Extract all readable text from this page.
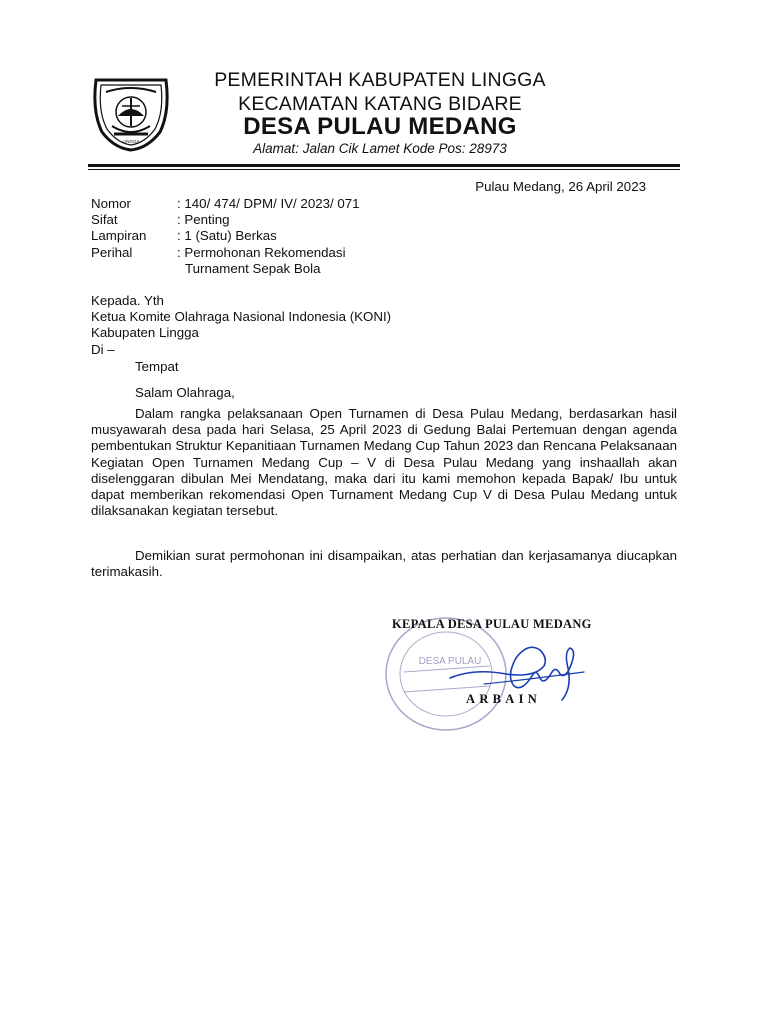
LINGGA
PEMERINTAH KABUPATEN LINGGA
KECAMATAN KATANG BIDARE
DESA PULAU MEDANG
Alamat: Jalan Cik Lamet Kode Pos: 28973
Pulau Medang, 26 April 2023
Nomor	: 140/ 474/ DPM/ IV/ 2023/ 071
Sifat	: Penting
Lampiran	: 1 (Satu) Berkas
Perihal	: Permohonan Rekomendasi
Turnament Sepak Bola
Kepada. Yth
Ketua Komite Olahraga Nasional Indonesia (KONI)
Kabupaten Lingga
Di –
Tempat
Salam Olahraga,
Dalam rangka pelaksanaan Open Turnamen di Desa Pulau Medang, berdasarkan hasil musyawarah desa pada hari Selasa, 25 April 2023 di Gedung Balai Pertemuan dengan agenda pembentukan Struktur Kepanitiaan Turnamen Medang Cup Tahun 2023 dan Rencana Pelaksanaan Kegiatan Open Turnamen Medang Cup – V di Desa Pulau Medang yang inshaallah akan diselenggaran dibulan Mei Mendatang, maka dari itu kami memohon kepada Bapak/ Ibu untuk dapat memberikan rekomendasi Open Turnament Medang Cup V di Desa Pulau Medang untuk dilaksanakan kegiatan tersebut.
Demikian surat permohonan ini disampaikan, atas perhatian dan kerjasamanya diucapkan terimakasih.
DESA PULAU
KEPALA DESA PULAU MEDANG
ARBAIN
